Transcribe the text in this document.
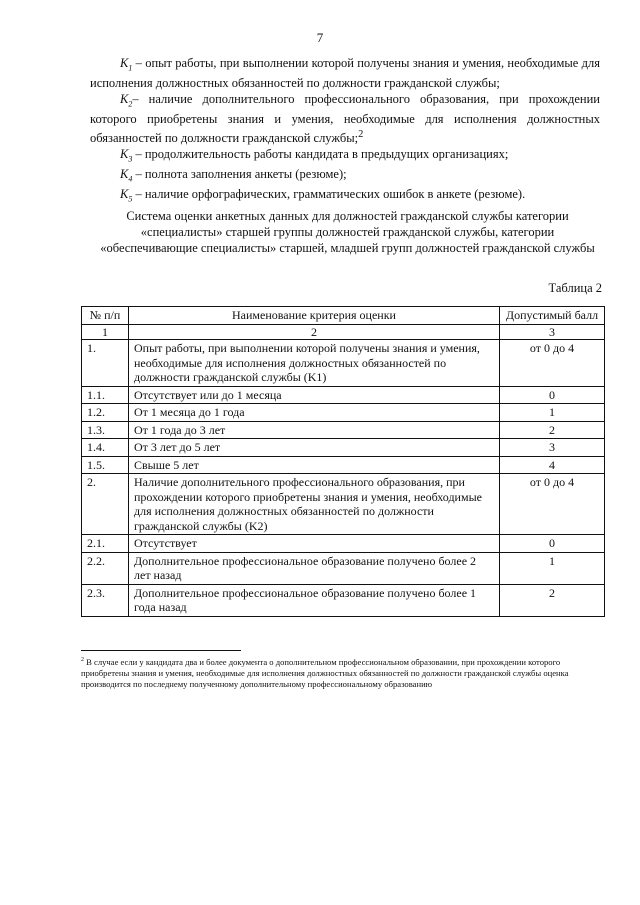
7

$K_1$ – опыт работы, при выполнении которой получены знания и умения, необходимые для исполнения должностных обязанностей по должности гражданской службы;

$K_2-$ наличие дополнительного профессионального образования, при прохождении которого приобретены знания и умения, необходимые для исполнения должностных обязанностей по должности гражданской службы;$^2$

$K_3$ – продолжительность работы кандидата в предыдущих организациях;

$K_4$ – полнота заполнения анкеты (резюме);

$K_5$ – наличие орфографических, грамматических ошибок в анкете (резюме).

Система оценки анкетных данных для должностей гражданской службы категории «специалисты» старшей группы должностей гражданской службы, категории «обеспечивающие специалисты» старшей, младшей групп должностей гражданской службы
Таблица 2
№ п/п	Наименование критерия оценки	Допустимый балл
1	2	3
1.	Опыт работы, при выполнении которой получены знания и умения, необходимые для исполнения должностных обязанностей по должности гражданской службы (K1)	от 0 до 4
1.1.	Отсутствует или до 1 месяца	0
1.2.	От 1 месяца до 1 года	1
1.3.	От 1 года до 3 лет	2
1.4.	От 3 лет до 5 лет	3
1.5.	Свыше 5 лет	4
2.	Наличие дополнительного профессионального образования, при прохождении которого приобретены знания и умения, необходимые для исполнения должностных обязанностей по должности гражданской службы (K2)	от 0 до 4
2.1.	Отсутствует	0
2.2.	Дополнительное профессиональное образование получено более 2 лет назад	1
2.3.	Дополнительное профессиональное образование получено более 1 года назад	2
$^2$ В случае если у кандидата два и более документа о дополнительном профессиональном образовании, при прохождении которого приобретены знания и умения, необходимые для исполнения должностных обязанностей по должности гражданской службы оценка производится по последнему полученному дополнительному профессиональному образованию
